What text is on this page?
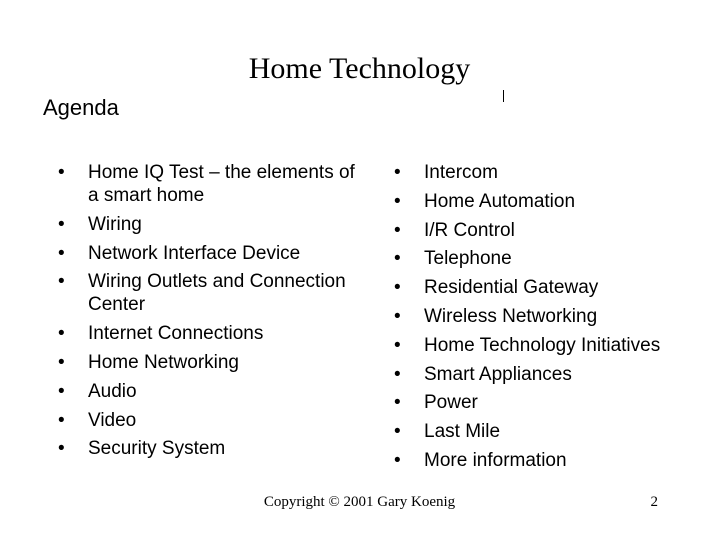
Home Technology
Agenda
• Home IQ Test – the elements of a smart home
• Wiring
• Network Interface Device
• Wiring Outlets and Connection Center
• Internet Connections
• Home Networking
• Audio
• Video
• Security System
• Intercom
• Home Automation
• I/R Control
• Telephone
• Residential Gateway
• Wireless Networking
• Home Technology Initiatives
• Smart Appliances
• Power
• Last Mile
• More information
Copyright © 2001 Gary Koenig	2
